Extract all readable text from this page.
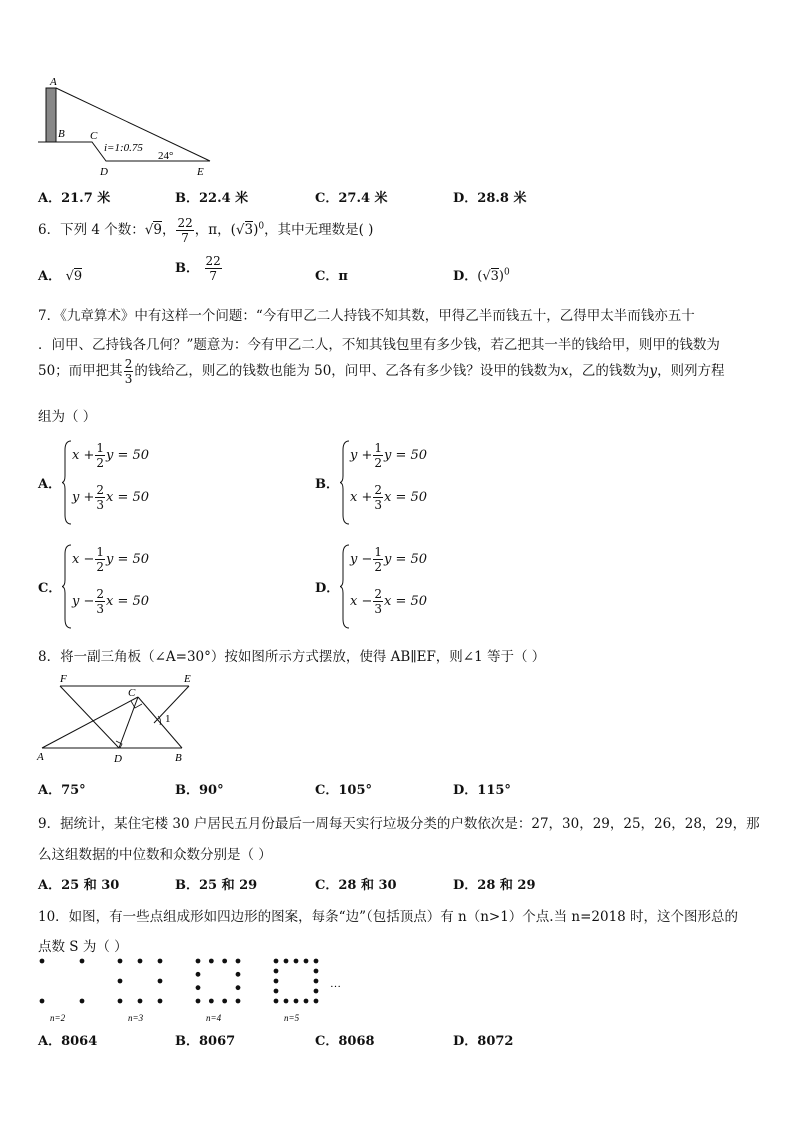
A
B C
i=1:0.75
D
24°
E
A．21.7 米	B．22.4 米	C．27.4 米	D．28.8 米
6．下列 4 个数：√9， $\frac{22}{7}$ ，π，$(√3)^0$，其中无理数是( )
A． √9
B． $\frac{22}{7}$	C．π	D．$(√3)^0$
7．《九章算术》中有这样一个问题：“今有甲乙二人持钱不知其数，甲得乙半而钱五十，乙得甲太半而钱亦五十
．问甲、乙持钱各几何？”题意为：今有甲乙二人，不知其钱包里有多少钱，若乙把其一半的钱给甲，则甲的钱数为
50；而甲把其 $\frac{2}{3}$ 的钱给乙，则乙的钱数也能为 50，问甲、乙各有多少钱？设甲的钱数为x，乙的钱数为y，则列方程
组为（ ）
A．
$x + \frac{1}{2}$ y = 50
$y + \frac{2}{3}$ x = 50
B．
$y + \frac{1}{2}$ y = 50
$x + \frac{2}{3}$ x = 50
C．
$x - \frac{1}{2}$ y = 50
$y - \frac{2}{3}$ x = 50
D．
$y - \frac{1}{2}$ y = 50
$x - \frac{2}{3}$ x = 50
8．将一副三角板（∠A=30°）按如图所示方式摆放，使得 AB∥EF，则∠1 等于（ ）
F	E
C
1
A	D	B
A．75°	B．90°	C．105°	D．115°
9．据统计，某住宅楼 30 户居民五月份最后一周每天实行垃圾分类的户数依次是：27，30，29，25，26，28，29，那
么这组数据的中位数和众数分别是（ ）
A．25 和 30	B．25 和 29	C．28 和 30	D．28 和 29
10．如图，有一些点组成形如四边形的图案，每条“边”（包括顶点）有 n（n>1）个点.当 n=2018 时，这个图形总的
点数 S 为（ ）
n=2	n=3	n=4	n=5
…
A．8064	B．8067	C．8068	D．8072
